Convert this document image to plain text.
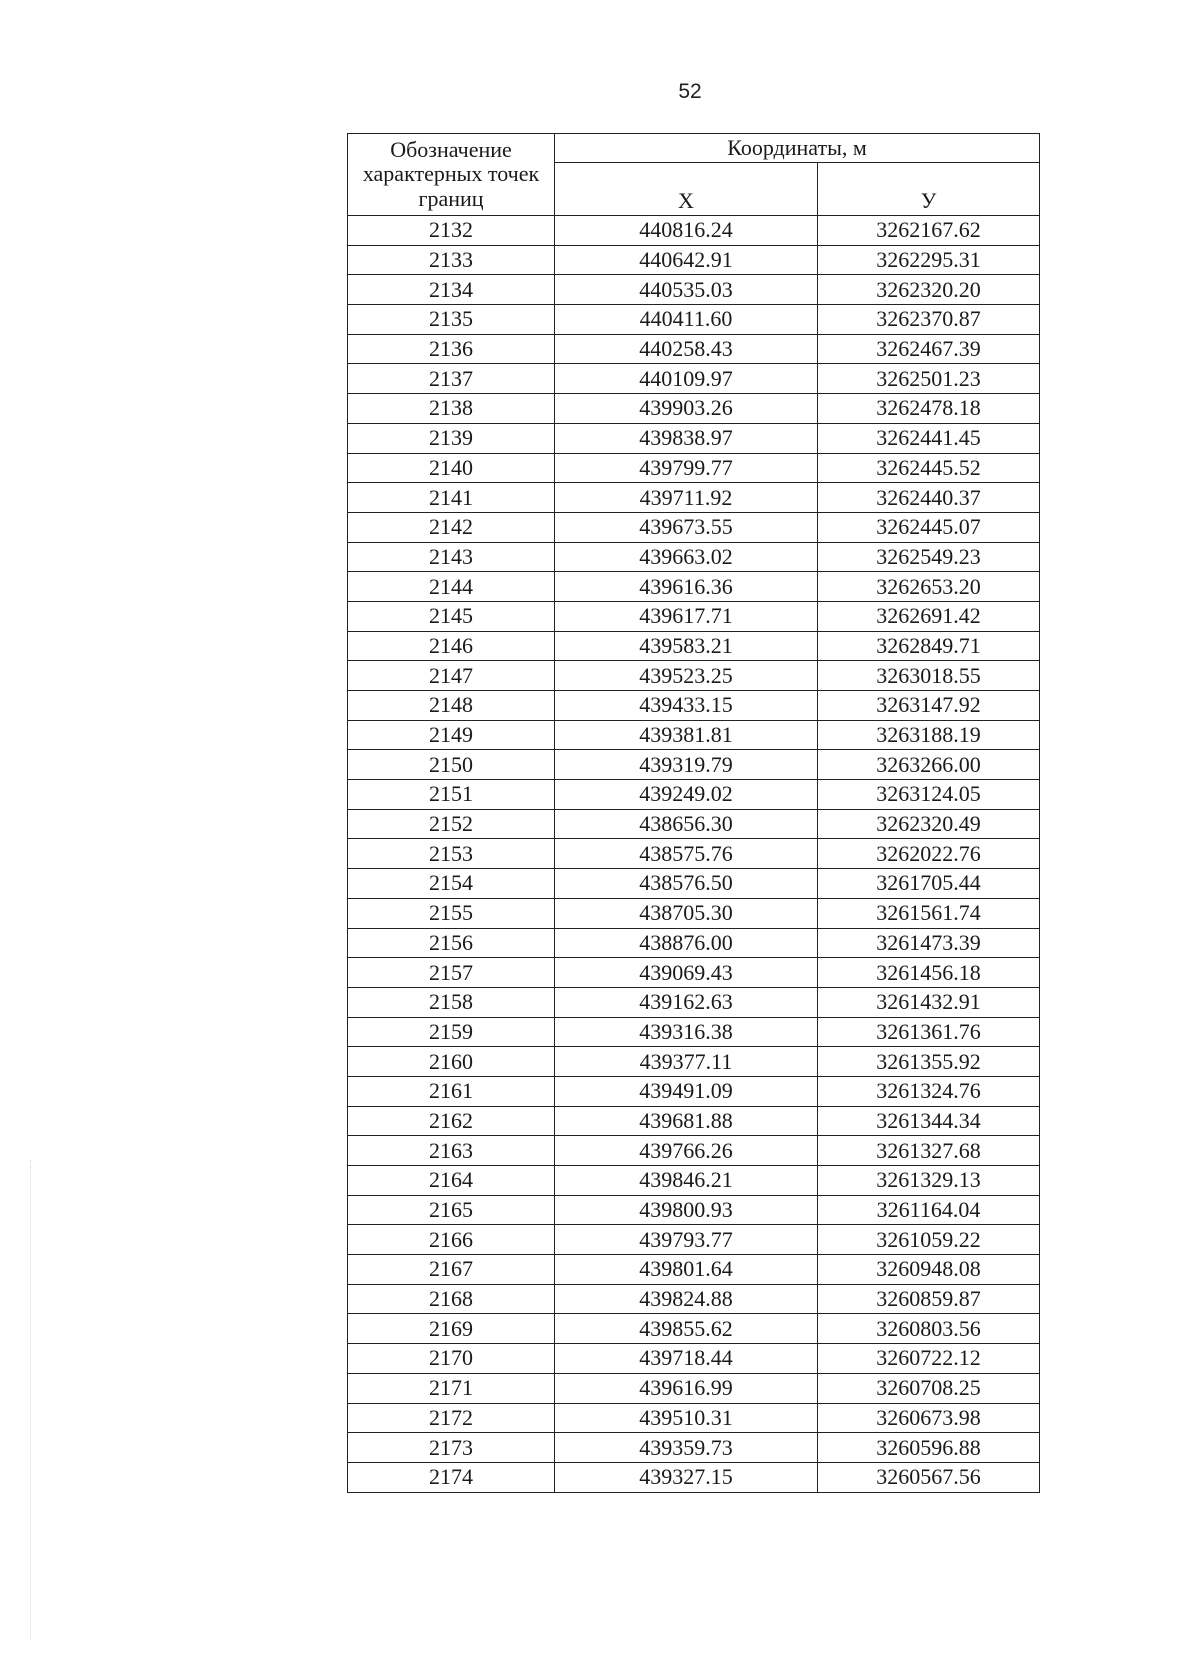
52
Обозначение характерных точек границ	Координаты, м	
	X	У
2132	440816.24	3262167.62
2133	440642.91	3262295.31
2134	440535.03	3262320.20
2135	440411.60	3262370.87
2136	440258.43	3262467.39
2137	440109.97	3262501.23
2138	439903.26	3262478.18
2139	439838.97	3262441.45
2140	439799.77	3262445.52
2141	439711.92	3262440.37
2142	439673.55	3262445.07
2143	439663.02	3262549.23
2144	439616.36	3262653.20
2145	439617.71	3262691.42
2146	439583.21	3262849.71
2147	439523.25	3263018.55
2148	439433.15	3263147.92
2149	439381.81	3263188.19
2150	439319.79	3263266.00
2151	439249.02	3263124.05
2152	438656.30	3262320.49
2153	438575.76	3262022.76
2154	438576.50	3261705.44
2155	438705.30	3261561.74
2156	438876.00	3261473.39
2157	439069.43	3261456.18
2158	439162.63	3261432.91
2159	439316.38	3261361.76
2160	439377.11	3261355.92
2161	439491.09	3261324.76
2162	439681.88	3261344.34
2163	439766.26	3261327.68
2164	439846.21	3261329.13
2165	439800.93	3261164.04
2166	439793.77	3261059.22
2167	439801.64	3260948.08
2168	439824.88	3260859.87
2169	439855.62	3260803.56
2170	439718.44	3260722.12
2171	439616.99	3260708.25
2172	439510.31	3260673.98
2173	439359.73	3260596.88
2174	439327.15	3260567.56
